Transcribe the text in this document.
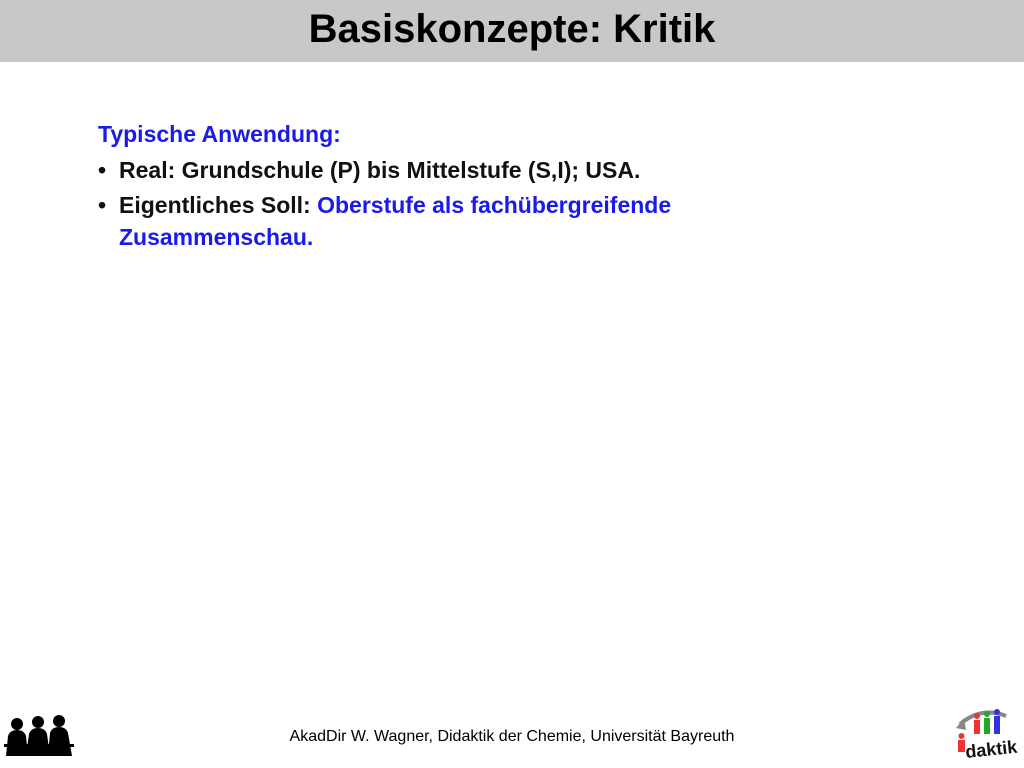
Basiskonzepte: Kritik
Typische Anwendung:
• Real: Grundschule (P) bis Mittelstufe (S,I); USA.
• Eigentliches Soll: Oberstufe als fachübergreifende Zusammenschau.
AkadDir W. Wagner, Didaktik der Chemie, Universität Bayreuth
daktik
